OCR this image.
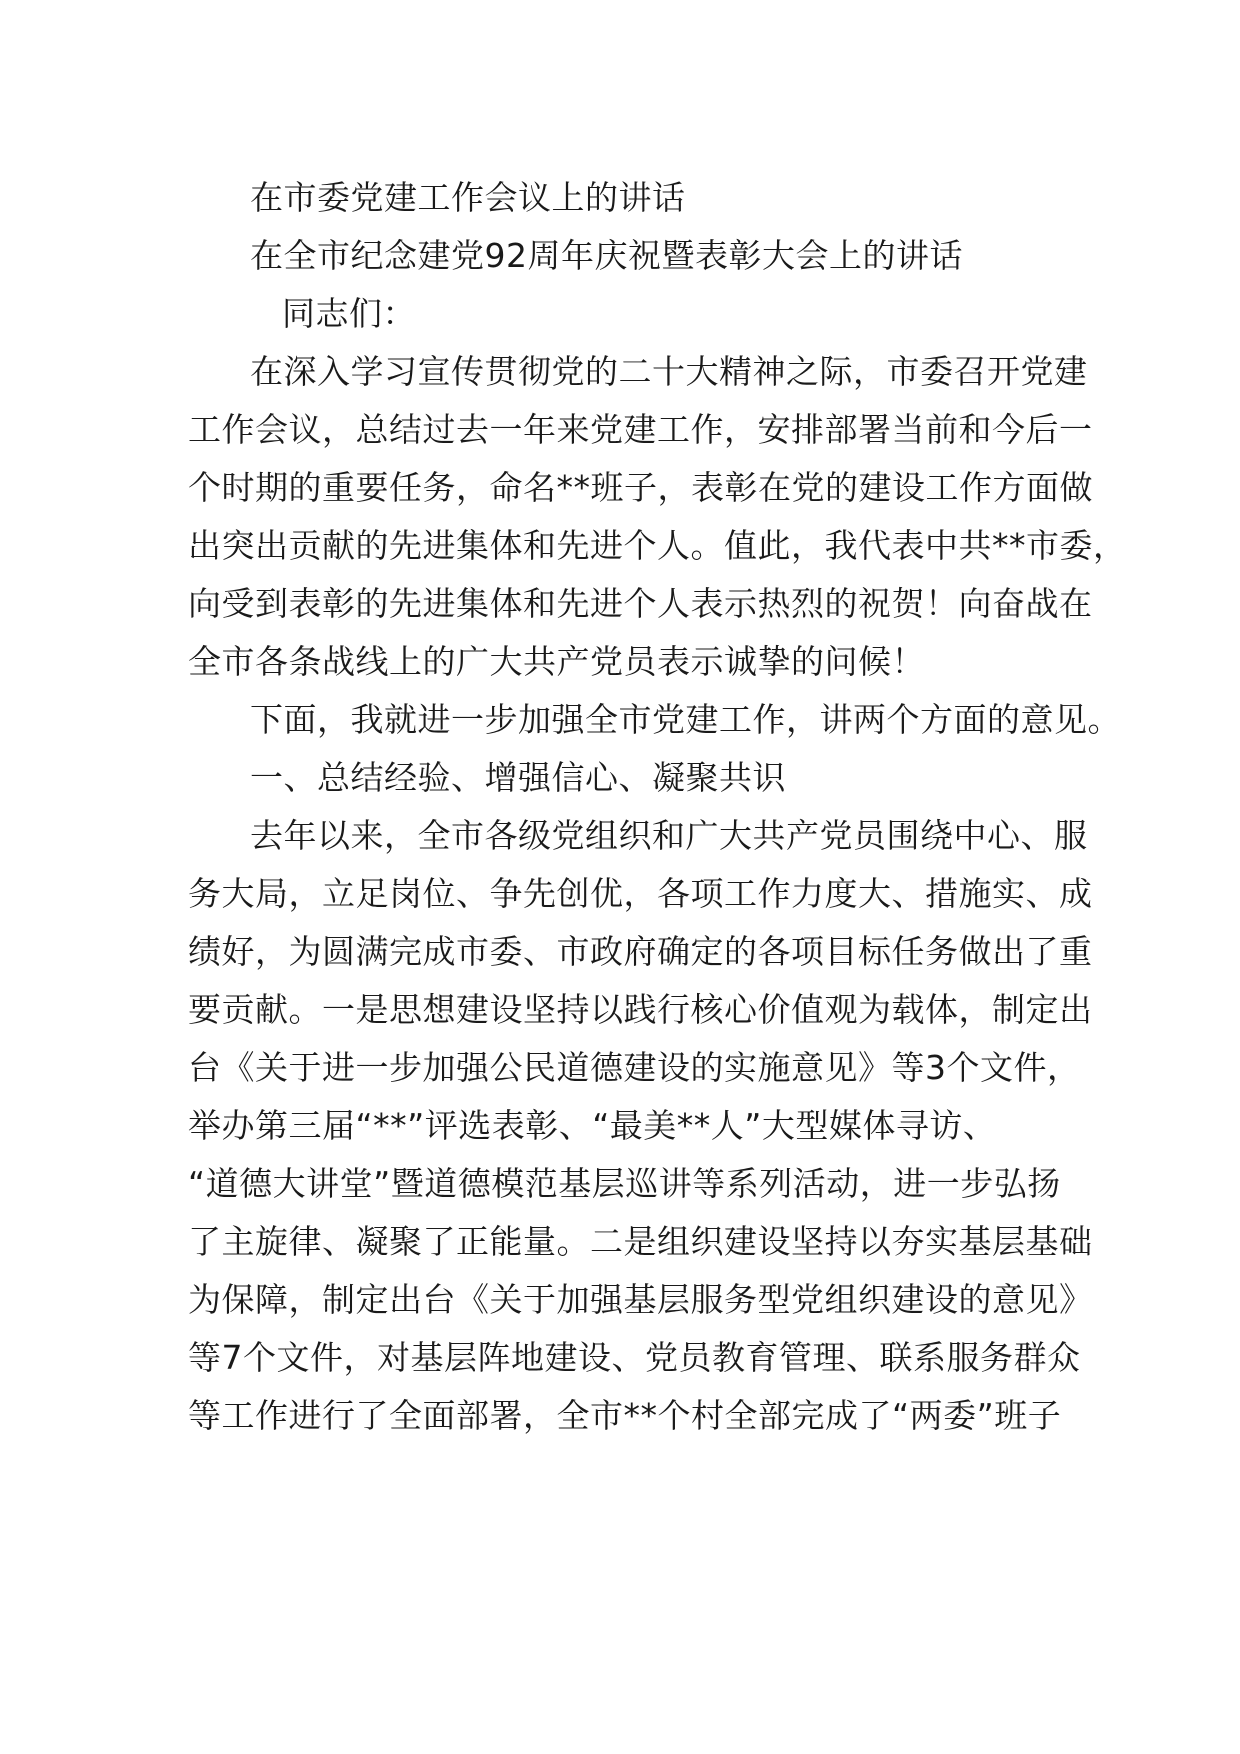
在市委党建工作会议上的讲话
在全市纪念建党92周年庆祝暨表彰大会上的讲话
同志们：
在深入学习宣传贯彻党的二十大精神之际，市委召开党建
工作会议，总结过去一年来党建工作，安排部署当前和今后一
个时期的重要任务，命名**班子，表彰在党的建设工作方面做
出突出贡献的先进集体和先进个人。值此，我代表中共**市委，
向受到表彰的先进集体和先进个人表示热烈的祝贺！向奋战在
全市各条战线上的广大共产党员表示诚挚的问候！
下面，我就进一步加强全市党建工作，讲两个方面的意见。
一、总结经验、增强信心、凝聚共识
去年以来，全市各级党组织和广大共产党员围绕中心、服
务大局，立足岗位、争先创优，各项工作力度大、措施实、成
绩好，为圆满完成市委、市政府确定的各项目标任务做出了重
要贡献。一是思想建设坚持以践行核心价值观为载体，制定出
台《关于进一步加强公民道德建设的实施意见》等3个文件，
举办第三届“**”评选表彰、“最美**人”大型媒体寻访、
“道德大讲堂”暨道德模范基层巡讲等系列活动，进一步弘扬
了主旋律、凝聚了正能量。二是组织建设坚持以夯实基层基础
为保障，制定出台《关于加强基层服务型党组织建设的意见》
等7个文件，对基层阵地建设、党员教育管理、联系服务群众
等工作进行了全面部署，全市**个村全部完成了“两委”班子
